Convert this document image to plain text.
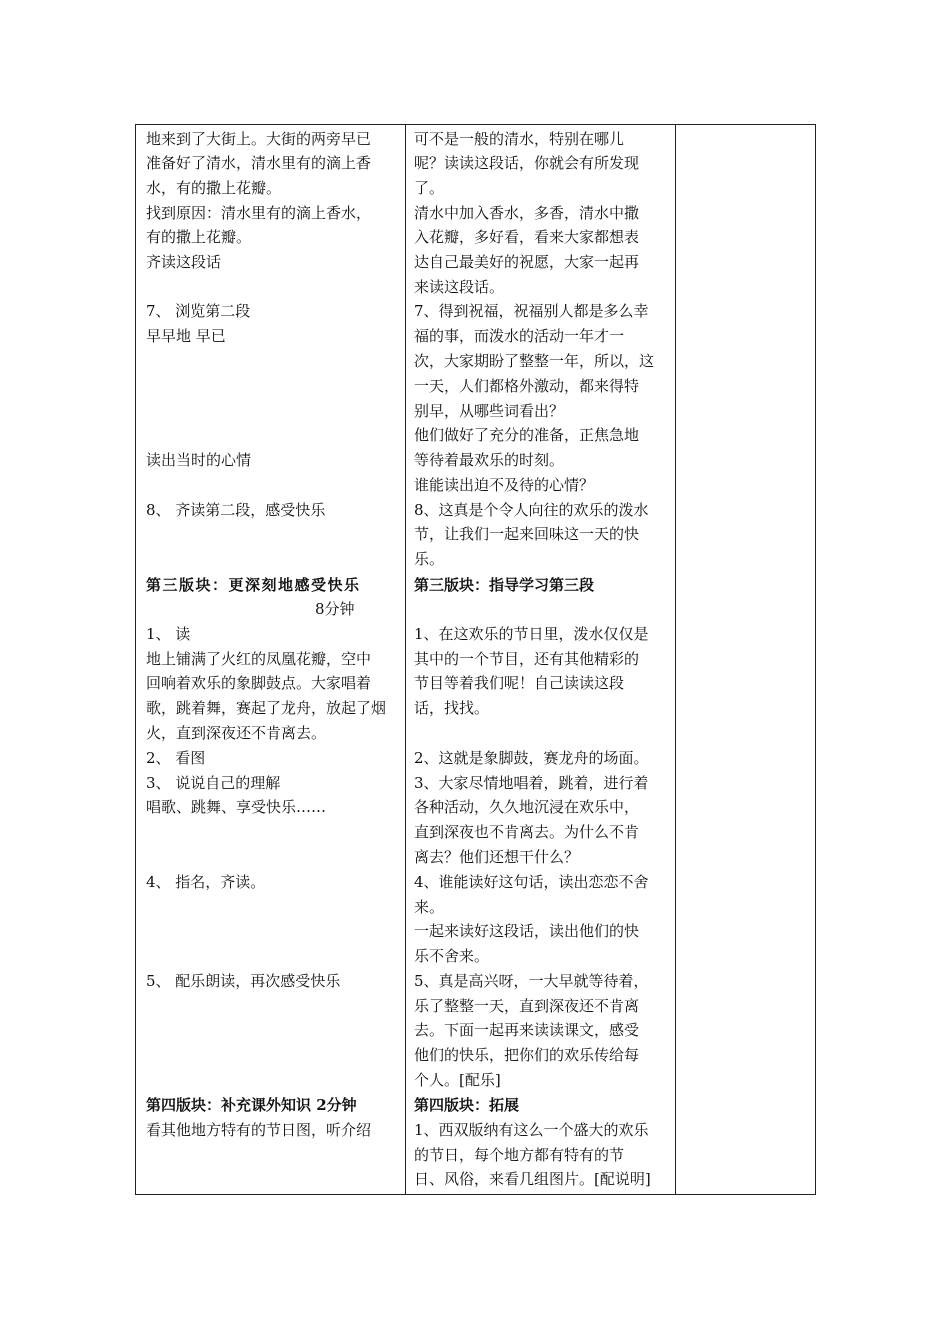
地来到了大街上。大街的两旁早已
准备好了清水，清水里有的滴上香
水，有的撒上花瓣。
找到原因：清水里有的滴上香水，
有的撒上花瓣。
齐读这段话
7、 浏览第二段
早早地 早已
读出当时的心情
8、 齐读第二段，感受快乐
第三版块：更深刻地感受快乐
8分钟
1、 读
地上铺满了火红的凤凰花瓣，空中
回响着欢乐的象脚鼓点。大家唱着
歌，跳着舞，赛起了龙舟，放起了烟
火，直到深夜还不肯离去。
2、 看图
3、 说说自己的理解
唱歌、跳舞、享受快乐……
4、 指名，齐读。
5、 配乐朗读，再次感受快乐
第四版块：补充课外知识 2分钟
看其他地方特有的节日图，听介绍
可不是一般的清水，特别在哪儿
呢？读读这段话，你就会有所发现
了。
清水中加入香水，多香，清水中撒
入花瓣，多好看，看来大家都想表
达自己最美好的祝愿，大家一起再
来读这段话。
7、得到祝福，祝福别人都是多么幸
福的事，而泼水的活动一年才一
次，大家期盼了整整一年，所以，这
一天，人们都格外激动，都来得特
别早，从哪些词看出？
他们做好了充分的准备，正焦急地
等待着最欢乐的时刻。
谁能读出迫不及待的心情？
8、这真是个令人向往的欢乐的泼水
节，让我们一起来回味这一天的快
乐。
第三版块：指导学习第三段
1、在这欢乐的节日里，泼水仅仅是
其中的一个节目，还有其他精彩的
节目等着我们呢！自己读读这段
话，找找。
2、这就是象脚鼓，赛龙舟的场面。
3、大家尽情地唱着，跳着，进行着
各种活动，久久地沉浸在欢乐中，
直到深夜也不肯离去。为什么不肯
离去？他们还想干什么？
4、谁能读好这句话，读出恋恋不舍
来。
一起来读好这段话，读出他们的快
乐不舍来。
5、真是高兴呀，一大早就等待着，
乐了整整一天，直到深夜还不肯离
去。下面一起再来读读课文，感受
他们的快乐，把你们的欢乐传给每
个人。[配乐]
第四版块：拓展
1、西双版纳有这么一个盛大的欢乐
的节日，每个地方都有特有的节
日、风俗，来看几组图片。[配说明]
